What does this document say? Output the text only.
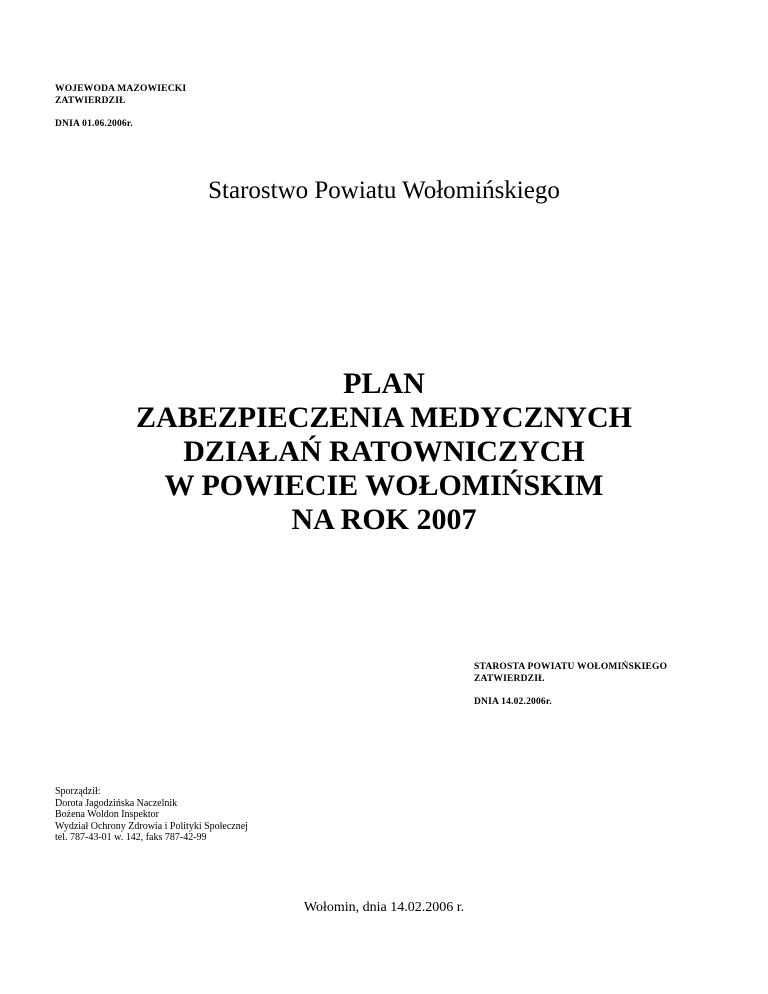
WOJEWODA MAZOWIECKI
ZATWIERDZIŁ
DNIA 01.06.2006r.
Starostwo Powiatu Wołomińskiego
PLAN
ZABEZPIECZENIA MEDYCZNYCH
DZIAŁAŃ RATOWNICZYCH
W POWIECIE WOŁOMIŃSKIM
NA ROK 2007
STAROSTA POWIATU WOŁOMIŃSKIEGO
ZATWIERDZIŁ
DNIA 14.02.2006r.
Sporządził:
Dorota Jagodzińska Naczelnik
Bożena Woldon Inspektor
Wydział Ochrony Zdrowia i Polityki Społecznej
tel. 787-43-01 w. 142, faks 787-42-99
Wołomin, dnia 14.02.2006 r.
